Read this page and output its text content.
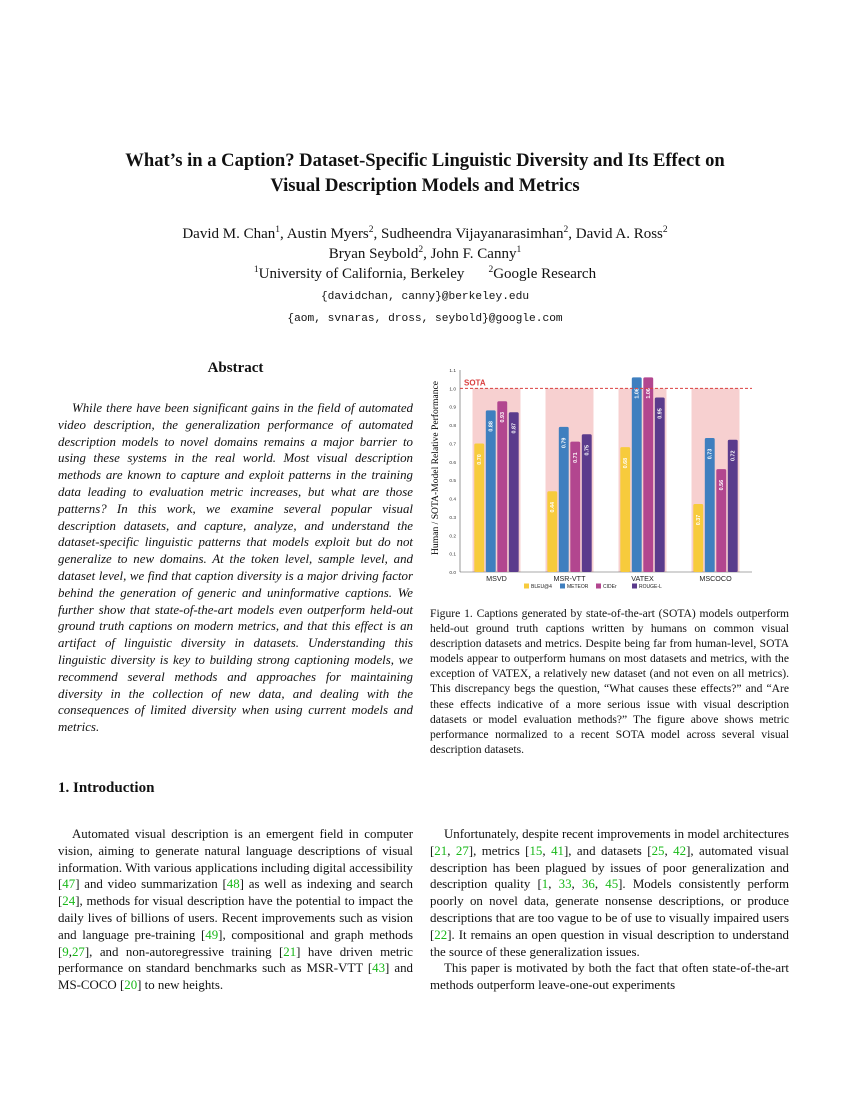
What’s in a Caption? Dataset-Specific Linguistic Diversity and Its Effect on
Visual Description Models and Metrics
David M. Chan$^1$, Austin Myers$^2$, Sudheendra Vijayanarasimhan$^2$, David A. Ross$^2$
Bryan Seybold$^2$, John F. Canny$^1$
$^1$University of California, Berkeley	$^2$Google Research
{davidchan, canny}@berkeley.edu
{aom, svnaras, dross, seybold}@google.com
Abstract
While there have been significant gains in the field of automated video description, the generalization performance of automated description models to novel domains remains a major barrier to using these systems in the real world. Most visual description methods are known to capture and exploit patterns in the training data leading to evaluation metric increases, but what are those patterns? In this work, we examine several popular visual description datasets, and capture, analyze, and understand the dataset-specific linguistic patterns that models exploit but do not generalize to new domains. At the token level, sample level, and dataset level, we find that caption diversity is a major driving factor behind the generation of generic and uninformative captions. We further show that state-of-the-art models even outperform held-out ground truth captions on modern metrics, and that this effect is an artifact of linguistic diversity in datasets. Understanding this linguistic diversity is key to building strong captioning models, we recommend several methods and approaches for maintaining diversity in the collection of new data, and dealing with the consequences of limited diversity when using current models and metrics.
1. Introduction
Automated visual description is an emergent field in computer vision, aiming to generate natural language descriptions of visual information. With various applications including digital accessibility [47] and video summarization [48] as well as indexing and search [24], methods for visual description have the potential to impact the daily lives of billions of users. Recent improvements such as vision and language pre-training [49], compositional and graph methods [9,27], and non-autoregressive training [21] have driven metric performance on standard benchmarks such as MSR-VTT [43] and MS-COCO [20] to new heights.
0.0
0.1
0.2
0.3
0.4
0.5
0.6
0.7
0.8
0.9
1.0
1.1
0.70
0.44
0.68
0.37
0.88
0.79
1.06
0.73
0.93
0.71
1.06
0.56
0.87
0.75
0.95
0.72
SOTA
MSVD	MSR-VTT	VATEX	MSCOCO
BLEU@4	METEOR	CIDEr	ROUGE-L
Human / SOTA-Model Relative Performance
Figure 1. Captions generated by state-of-the-art (SOTA) models outperform held-out ground truth captions written by humans on common visual description datasets and metrics. Despite being far from human-level, SOTA models appear to outperform humans on most datasets and metrics, with the exception of VATEX, a relatively new dataset (and not even on all metrics). This discrepancy begs the question, “What causes these effects?” and “Are these effects indicative of a more serious issue with visual description datasets or model evaluation methods?” The figure above shows metric performance normalized to a recent SOTA model across several visual description datasets.

Unfortunately, despite recent improvements in model architectures [21, 27], metrics [15, 41], and datasets [25, 42], automated visual description has been plagued by issues of poor generalization and description quality [1, 33, 36, 45]. Models consistently perform poorly on novel data, generate nonsense descriptions, or produce descriptions that are too vague to be of use to visually impaired users [22]. It remains an open question in visual description to understand the source of these generalization issues.

This paper is motivated by both the fact that often state-of-the-art methods outperform leave-one-out experiments
